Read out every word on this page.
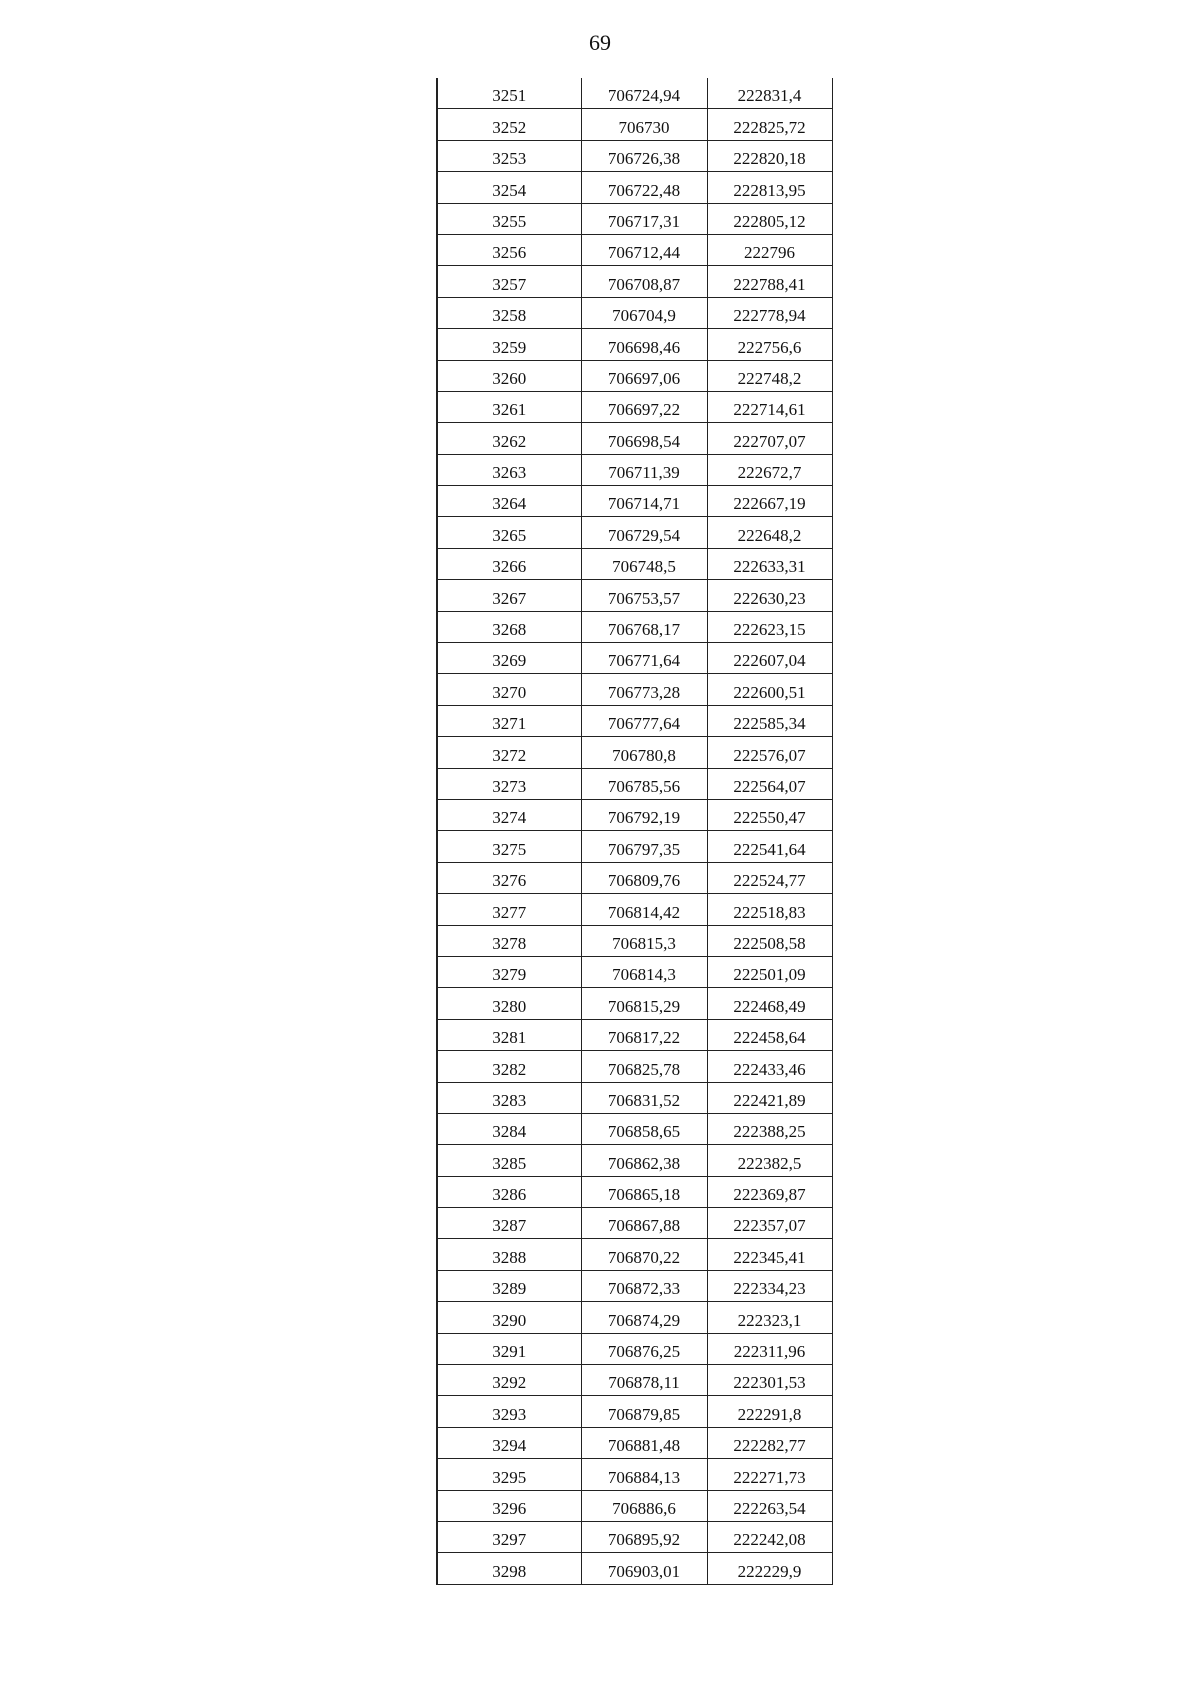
69
3251	706724,94	222831,4
3252	706730	222825,72
3253	706726,38	222820,18
3254	706722,48	222813,95
3255	706717,31	222805,12
3256	706712,44	222796
3257	706708,87	222788,41
3258	706704,9	222778,94
3259	706698,46	222756,6
3260	706697,06	222748,2
3261	706697,22	222714,61
3262	706698,54	222707,07
3263	706711,39	222672,7
3264	706714,71	222667,19
3265	706729,54	222648,2
3266	706748,5	222633,31
3267	706753,57	222630,23
3268	706768,17	222623,15
3269	706771,64	222607,04
3270	706773,28	222600,51
3271	706777,64	222585,34
3272	706780,8	222576,07
3273	706785,56	222564,07
3274	706792,19	222550,47
3275	706797,35	222541,64
3276	706809,76	222524,77
3277	706814,42	222518,83
3278	706815,3	222508,58
3279	706814,3	222501,09
3280	706815,29	222468,49
3281	706817,22	222458,64
3282	706825,78	222433,46
3283	706831,52	222421,89
3284	706858,65	222388,25
3285	706862,38	222382,5
3286	706865,18	222369,87
3287	706867,88	222357,07
3288	706870,22	222345,41
3289	706872,33	222334,23
3290	706874,29	222323,1
3291	706876,25	222311,96
3292	706878,11	222301,53
3293	706879,85	222291,8
3294	706881,48	222282,77
3295	706884,13	222271,73
3296	706886,6	222263,54
3297	706895,92	222242,08
3298	706903,01	222229,9
